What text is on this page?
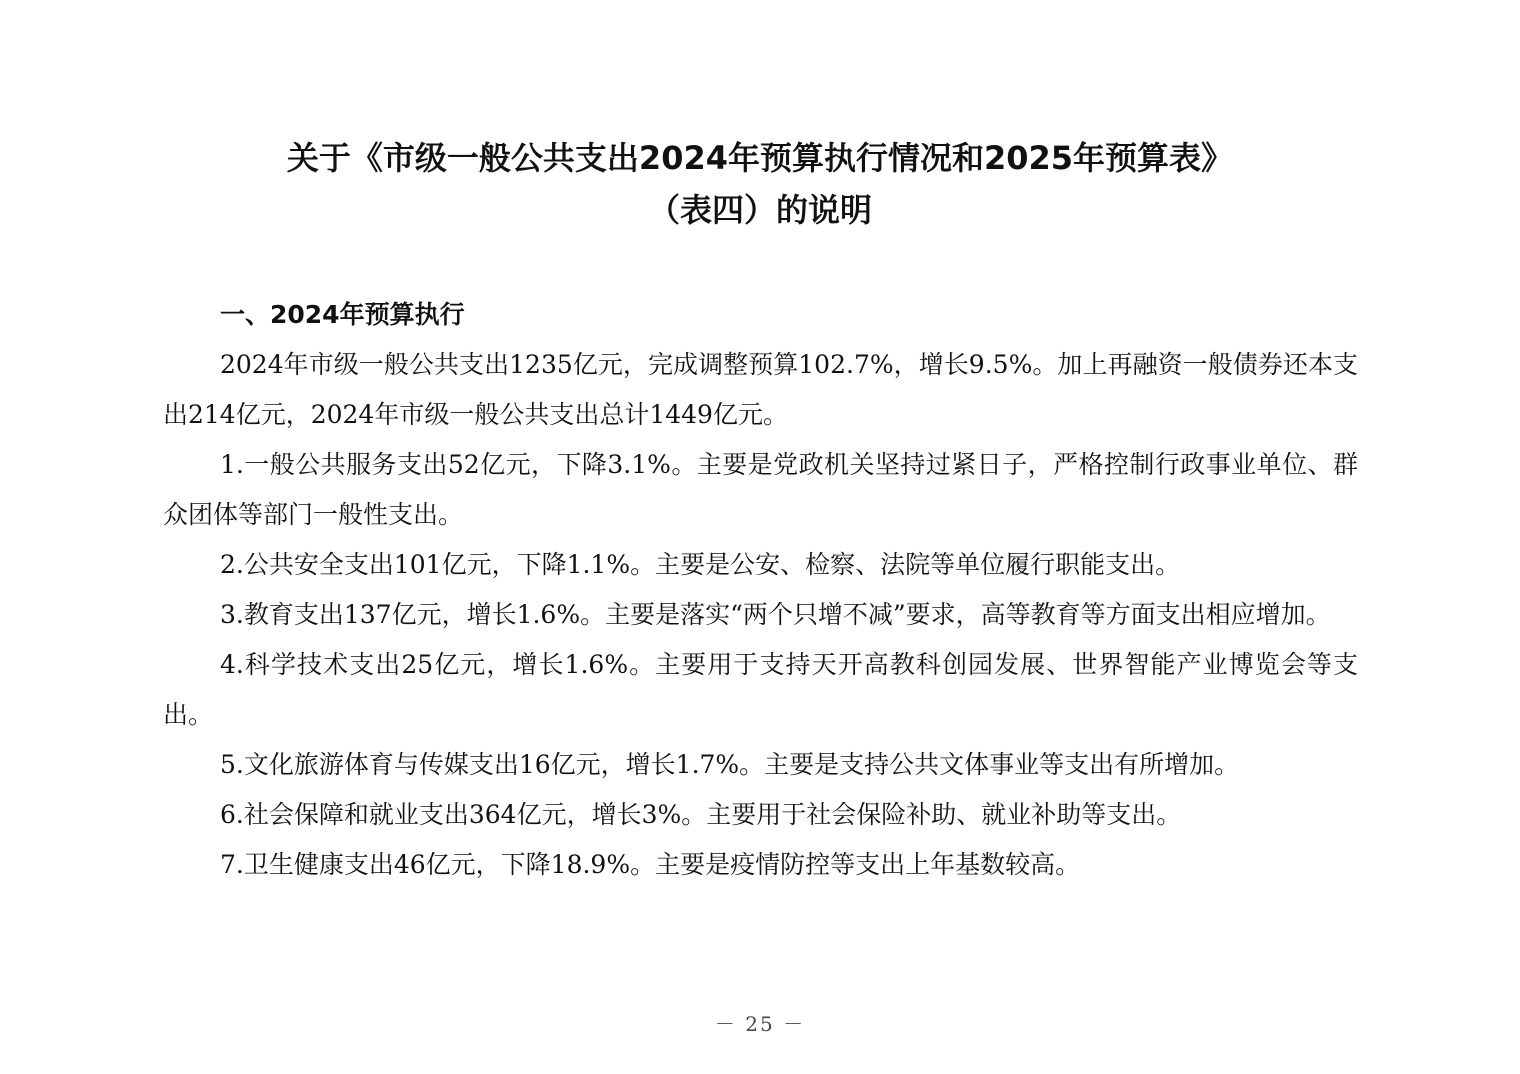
关于《市级一般公共支出2024年预算执行情况和2025年预算表》
（表四）的说明

一、2024年预算执行

2024年市级一般公共支出1235亿元，完成调整预算102.7%，增长9.5%。加上再融资一般债券还本支出214亿元，2024年市级一般公共支出总计1449亿元。

1.一般公共服务支出52亿元，下降3.1%。主要是党政机关坚持过紧日子，严格控制行政事业单位、群众团体等部门一般性支出。

2.公共安全支出101亿元，下降1.1%。主要是公安、检察、法院等单位履行职能支出。

3.教育支出137亿元，增长1.6%。主要是落实“两个只增不减”要求，高等教育等方面支出相应增加。

4.科学技术支出25亿元，增长1.6%。主要用于支持天开高教科创园发展、世界智能产业博览会等支出。

5.文化旅游体育与传媒支出16亿元，增长1.7%。主要是支持公共文体事业等支出有所增加。

6.社会保障和就业支出364亿元，增长3%。主要用于社会保险补助、就业补助等支出。

7.卫生健康支出46亿元，下降18.9%。主要是疫情防控等支出上年基数较高。

－ 25 －
